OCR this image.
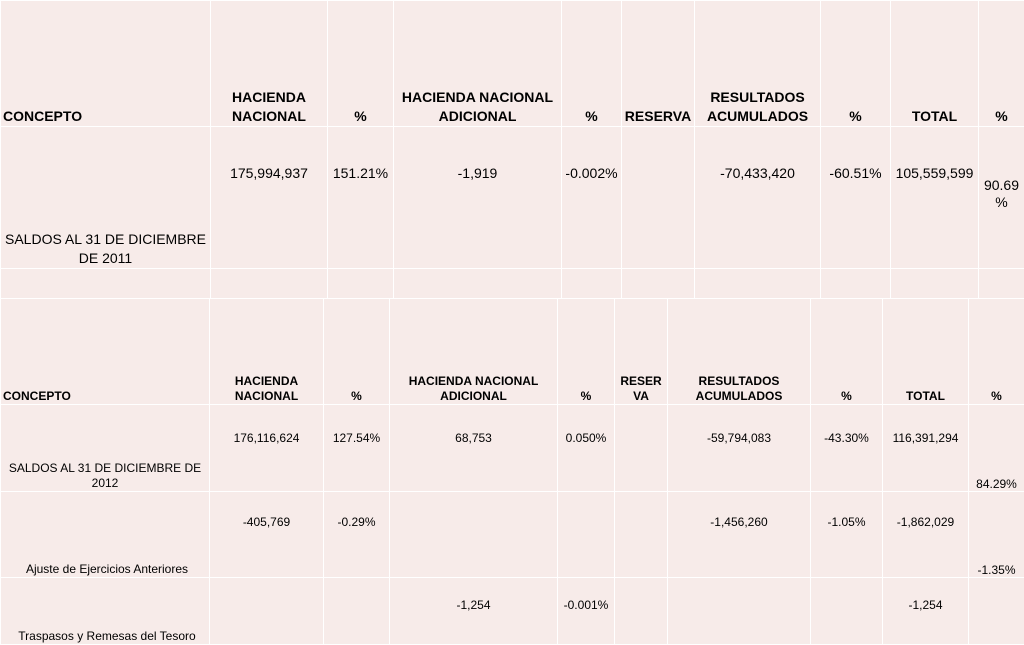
CONCEPTO	HACIENDA NACIONAL	%	HACIENDA NACIONAL ADICIONAL	%	RESERVA	RESULTADOS ACUMULADOS	%	TOTAL	%
SALDOS AL 31 DE DICIEMBRE DE 2011	175,994,937	151.21%	-1,919	-0.002%		-70,433,420	-60.51%	105,559,599	90.69 %

CONCEPTO	HACIENDA NACIONAL	%	HACIENDA NACIONAL ADICIONAL	%	RESER VA	RESULTADOS ACUMULADOS	%	TOTAL	%
SALDOS AL 31 DE DICIEMBRE DE 2012	176,116,624	127.54%	68,753	0.050%		-59,794,083	-43.30%	116,391,294	84.29%
Ajuste de Ejercicios Anteriores	-405,769	-0.29%				-1,456,260	-1.05%	-1,862,029	-1.35%
Traspasos y Remesas del Tesoro			-1,254	-0.001%				-1,254	
